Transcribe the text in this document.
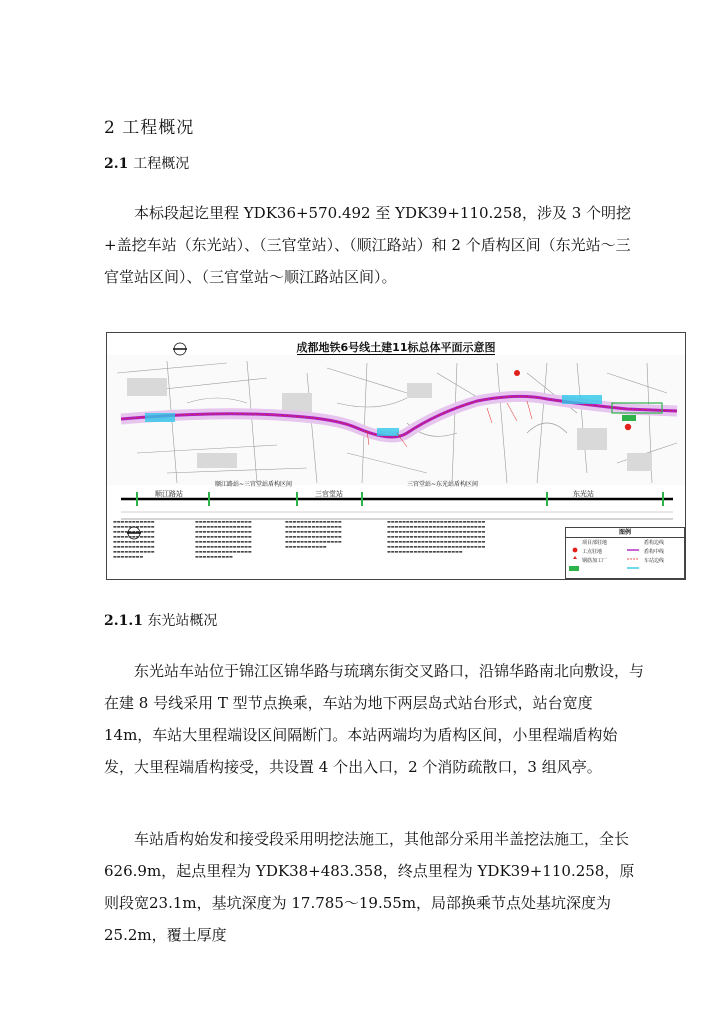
2 工程概况
2.1 工程概况

本标段起讫里程 YDK36+570.492 至 YDK39+110.258，涉及 3 个明挖+盖挖车站（东光站）、（三官堂站）、（顺江路站）和 2 个盾构区间（东光站～三官堂站区间）、（三官堂站～顺江路站区间）。

成都地铁6号线土建11标总体平面示意图
顺江路站~三官堂站盾构区间	三官堂站~东光站盾构区间
顺江路站	三官堂站	东光站
▬▬▬▬▬▬▬▬▬▬▬
▬▬▬▬▬▬▬▬▬▬▬
▬▬▬▬▬▬▬▬▬▬▬
▬▬▬▬▬▬▬▬▬▬▬
▬▬▬▬▬▬▬▬▬▬▬
▬▬▬▬▬▬▬▬▬▬▬
▬▬▬▬▬▬▬▬▬▬▬
▬▬▬▬▬▬▬▬
▬▬▬▬▬▬▬▬▬▬▬▬▬▬▬
▬▬▬▬▬▬▬▬▬▬▬▬▬▬▬
▬▬▬▬▬▬▬▬▬▬▬▬▬▬▬
▬▬▬▬▬▬▬▬▬▬▬▬▬▬▬
▬▬▬▬▬▬▬▬▬▬▬▬▬▬▬
▬▬▬▬▬▬▬▬▬▬▬▬▬▬▬
▬▬▬▬▬▬▬▬▬▬▬▬▬▬▬
▬▬▬▬▬▬▬▬▬▬
▬▬▬▬▬▬▬▬▬▬▬▬▬▬▬
▬▬▬▬▬▬▬▬▬▬▬▬▬▬▬
▬▬▬▬▬▬▬▬▬▬▬▬▬▬▬
▬▬▬▬▬▬▬▬▬▬▬▬▬▬▬
▬▬▬▬▬▬▬▬▬▬▬▬▬▬▬
▬▬▬▬▬▬▬▬▬▬▬
▬▬▬▬▬▬▬▬▬▬▬▬▬▬▬▬▬▬▬▬▬▬▬▬▬▬
▬▬▬▬▬▬▬▬▬▬▬▬▬▬▬▬▬▬▬▬▬▬▬▬▬▬
▬▬▬▬▬▬▬▬▬▬▬▬▬▬▬▬▬▬▬▬▬▬▬▬▬▬
▬▬▬▬▬▬▬▬▬▬▬▬▬▬▬▬▬▬▬▬▬▬▬▬▬▬
▬▬▬▬▬▬▬▬▬▬▬▬▬▬▬▬▬▬▬▬▬▬▬▬▬▬
▬▬▬▬▬▬▬▬▬▬▬▬▬▬▬▬▬▬▬▬▬▬▬▬▬▬
▬▬▬▬▬▬▬▬▬▬▬▬▬▬▬▬▬▬▬▬
图例
项目部驻地
工点驻地
钢筋加工厂
盾构边线
盾构中线
车站边线
2.1.1 东光站概况

东光站车站位于锦江区锦华路与琉璃东街交叉路口，沿锦华路南北向敷设，与在建 8 号线采用 T 型节点换乘，车站为地下两层岛式站台形式，站台宽度 14m，车站大里程端设区间隔断门。本站两端均为盾构区间，小里程端盾构始发，大里程端盾构接受，共设置 4 个出入口，2 个消防疏散口，3 组风亭。

车站盾构始发和接受段采用明挖法施工，其他部分采用半盖挖法施工，全长626.9m，起点里程为 YDK38+483.358，终点里程为 YDK39+110.258，原则段宽23.1m，基坑深度为 17.785～19.55m，局部换乘节点处基坑深度为 25.2m，覆土厚度
